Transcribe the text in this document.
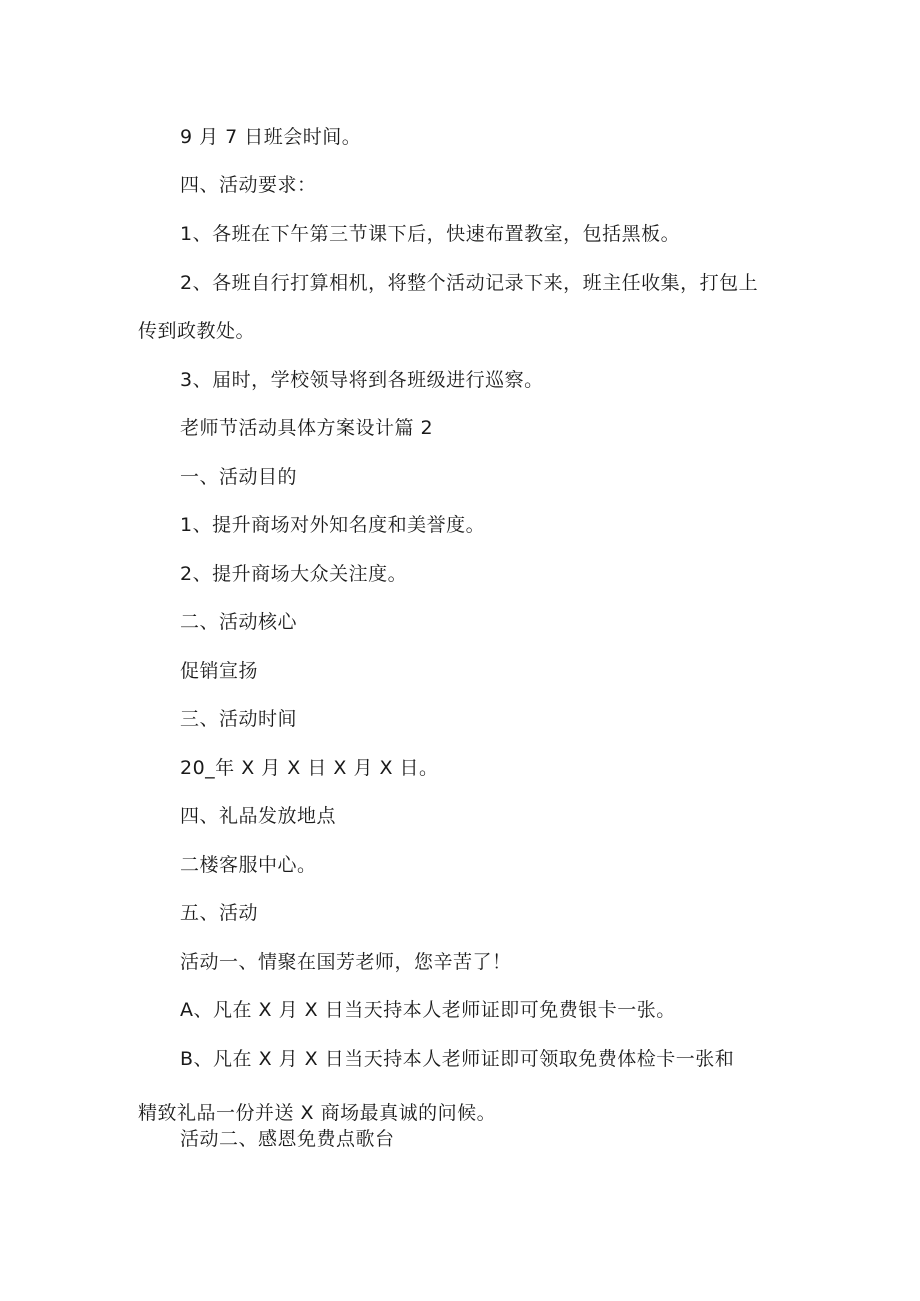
9 月 7 日班会时间。

四、活动要求：

1、各班在下午第三节课下后，快速布置教室，包括黑板。

2、各班自行打算相机，将整个活动记录下来，班主任收集，打包上

传到政教处。

3、届时，学校领导将到各班级进行巡察。

老师节活动具体方案设计篇 2

一、活动目的

1、提升商场对外知名度和美誉度。

2、提升商场大众关注度。

二、活动核心

促销宣扬

三、活动时间

20_年 X 月 X 日 X 月 X 日。

四、礼品发放地点

二楼客服中心。

五、活动

活动一、情聚在国芳老师，您辛苦了！

A、凡在 X 月 X 日当天持本人老师证即可免费银卡一张。

B、凡在 X 月 X 日当天持本人老师证即可领取免费体检卡一张和

精致礼品一份并送 X 商场最真诚的问候。

活动二、感恩免费点歌台
